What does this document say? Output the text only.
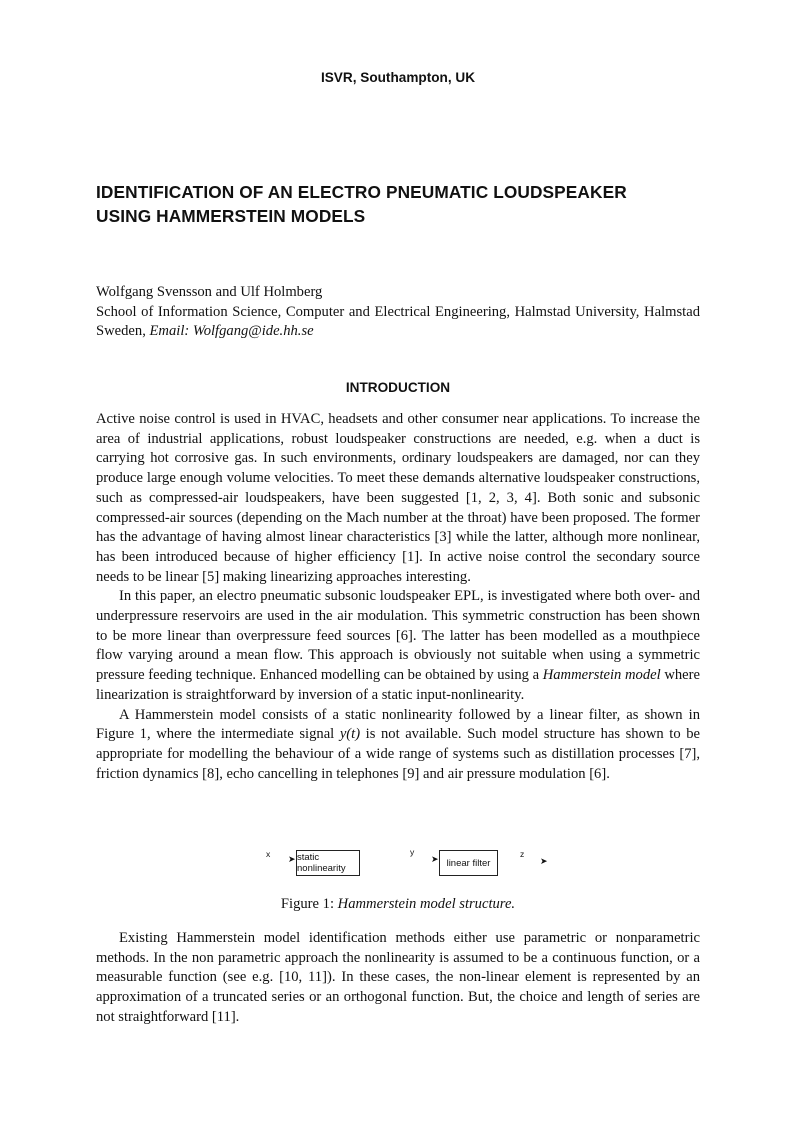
ISVR, Southampton, UK
IDENTIFICATION OF AN ELECTRO PNEUMATIC LOUDSPEAKER
USING HAMMERSTEIN MODELS
Wolfgang Svensson and Ulf Holmberg
School of Information Science, Computer and Electrical Engineering, Halmstad University, Halmstad Sweden, Email: Wolfgang@ide.hh.se
INTRODUCTION

Active noise control is used in HVAC, headsets and other consumer near applications. To increase the area of industrial applications, robust loudspeaker constructions are needed, e.g. when a duct is carrying hot corrosive gas. In such environments, ordinary loudspeakers are damaged, nor can they produce large enough volume velocities. To meet these demands alternative loudspeaker constructions, such as compressed-air loudspeakers, have been suggested [1, 2, 3, 4]. Both sonic and subsonic compressed-air sources (depending on the Mach number at the throat) have been proposed. The former has the advantage of having almost linear characteristics [3] while the latter, although more nonlinear, has been introduced because of higher efficiency [1]. In active noise control the secondary source needs to be linear [5] making linearizing approaches interesting.

In this paper, an electro pneumatic subsonic loudspeaker EPL, is investigated where both over- and underpressure reservoirs are used in the air modulation. This symmetric construction has been shown to be more linear than overpressure feed sources [6]. The latter has been modelled as a mouthpiece flow varying around a mean flow. This approach is obviously not suitable when using a symmetric pressure feeding technique. Enhanced modelling can be obtained by using a Hammerstein model where linearization is straightforward by inversion of a static input-nonlinearity.

A Hammerstein model consists of a static nonlinearity followed by a linear filter, as shown in Figure 1, where the intermediate signal y(t) is not available. Such model structure has shown to be appropriate for modelling the behaviour of a wide range of systems such as distillation processes [7], friction dynamics [8], echo cancelling in telephones [9] and air pressure modulation [6].

x
➤ static nonlinearity
y
➤ linear filter
z
➤
Figure 1: Hammerstein model structure.

Existing Hammerstein model identification methods either use parametric or nonparametric methods. In the non parametric approach the nonlinearity is assumed to be a continuous function, or a measurable function (see e.g. [10, 11]). In these cases, the non-linear element is represented by an approximation of a truncated series or an orthogonal function. But, the choice and length of series are not straightforward [11].
